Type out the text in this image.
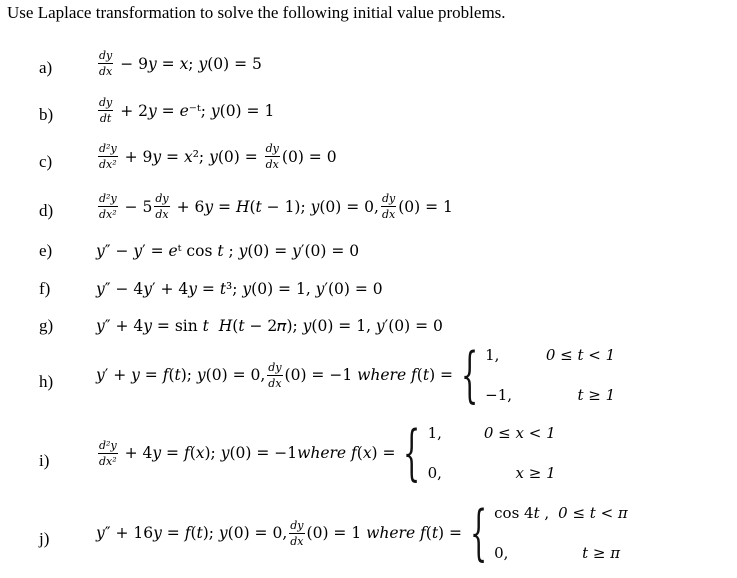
Use Laplace transformation to solve the following initial value problems.
a)	$\frac{dy}{dx}$ − 9𝑦 = 𝑥; 𝑦(0) = 5
b)	$\frac{dy}{dt}$ + 2𝑦 = 𝑒⁻ᵗ; 𝑦(0) = 1
c)	$\frac{\text{d²y}}{\text{dx²}}$ + 9𝑦 = 𝑥²; 𝑦(0) = $\frac{dy}{dx} (0) = 0$
d)	$\frac{\text{d²y}}{\text{dx²}} - 5 \frac{dy}{dx}$ + 6𝑦 = 𝐻(𝑡 − 1); 𝑦(0) = 0, $\frac{dy}{dx} (0) = 1$
e)	𝑦″ − 𝑦′ = 𝑒ᵗ cos 𝑡 ; 𝑦(0) = 𝑦′(0) = 0
f)	𝑦″ − 4𝑦′ + 4𝑦 = 𝑡³; 𝑦(0) = 1, 𝑦′(0) = 0
g)	𝑦″ + 4𝑦 = sin 𝑡  𝐻(𝑡 − 2𝜋); 𝑦(0) = 1, 𝑦′(0) = 0
h)	𝑦′ + 𝑦 = 𝑓(𝑡); 𝑦(0) = 0, $\frac{dy}{dx} (0) = -1$ 𝑤ℎ𝑒𝑟𝑒 𝑓(𝑡) = { 1,	0 ≤ 𝑡 < 1
−1,	𝑡 ≥ 1
i)	$\frac{\text{d²y}}{\text{dx²}}$ + 4𝑦 = 𝑓(𝑥); 𝑦(0) = −1𝑤ℎ𝑒𝑟𝑒 𝑓(𝑥) = { 1,	0 ≤ 𝑥 < 1
0,	𝑥 ≥ 1
j)	𝑦″ + 16𝑦 = 𝑓(𝑡); 𝑦(0) = 0, $\frac{dy}{dx} (0) = 1$ 𝑤ℎ𝑒𝑟𝑒 𝑓(𝑡) = { cos 4𝑡 , 0 ≤ 𝑡 < 𝜋
0,	𝑡 ≥ 𝜋
